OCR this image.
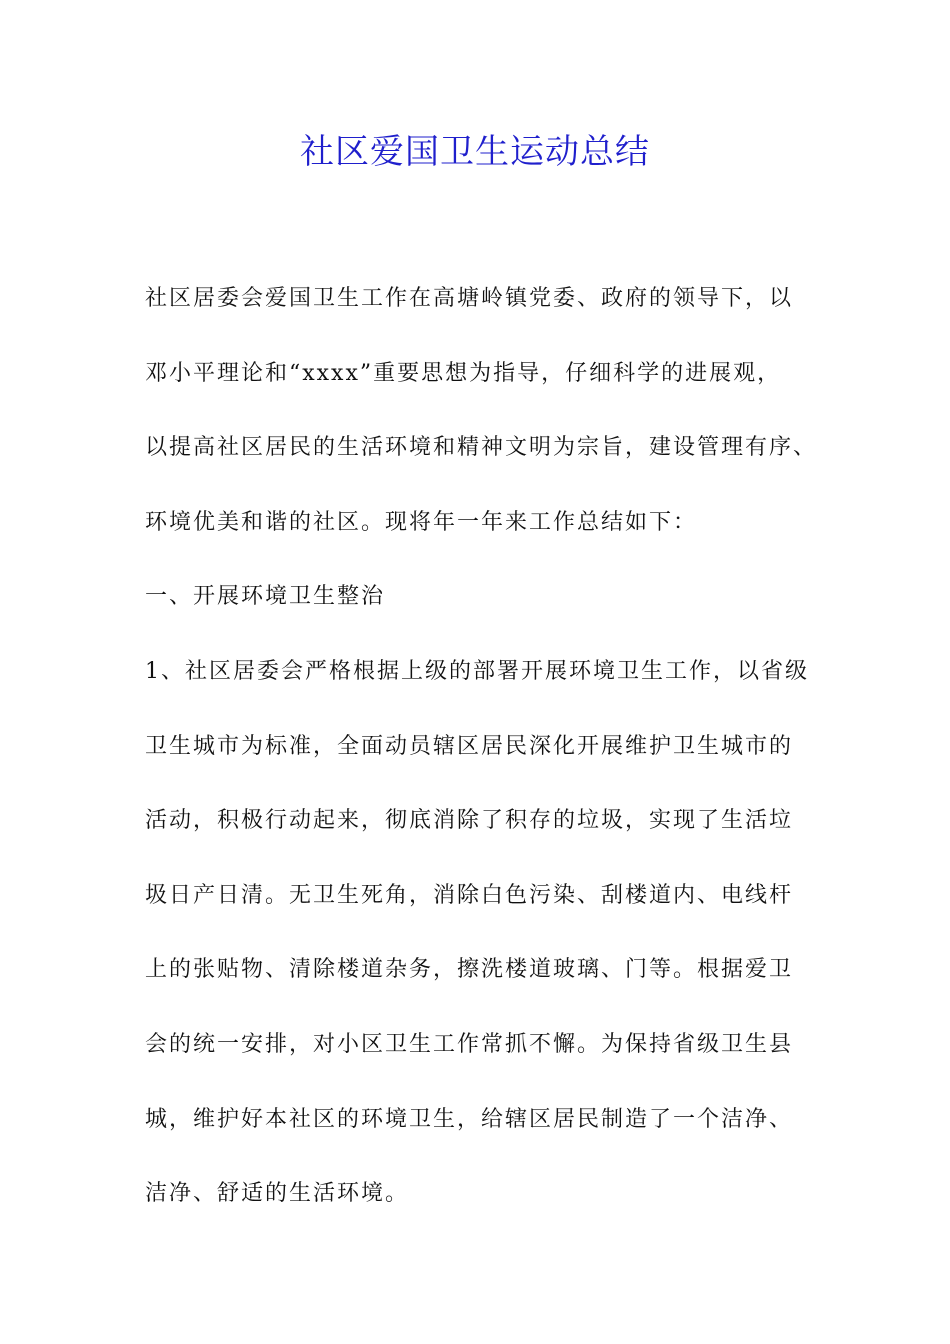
社区爱国卫生运动总结
社区居委会爱国卫生工作在高塘岭镇党委、政府的领导下，以
邓小平理论和“xxxx”重要思想为指导，仔细科学的进展观，
以提高社区居民的生活环境和精神文明为宗旨，建设管理有序、
环境优美和谐的社区。现将年一年来工作总结如下：
一、开展环境卫生整治
1、社区居委会严格根据上级的部署开展环境卫生工作，以省级
卫生城市为标准，全面动员辖区居民深化开展维护卫生城市的
活动，积极行动起来，彻底消除了积存的垃圾，实现了生活垃
圾日产日清。无卫生死角，消除白色污染、刮楼道内、电线杆
上的张贴物、清除楼道杂务，擦洗楼道玻璃、门等。根据爱卫
会的统一安排，对小区卫生工作常抓不懈。为保持省级卫生县
城，维护好本社区的环境卫生，给辖区居民制造了一个洁净、
洁净、舒适的生活环境。
